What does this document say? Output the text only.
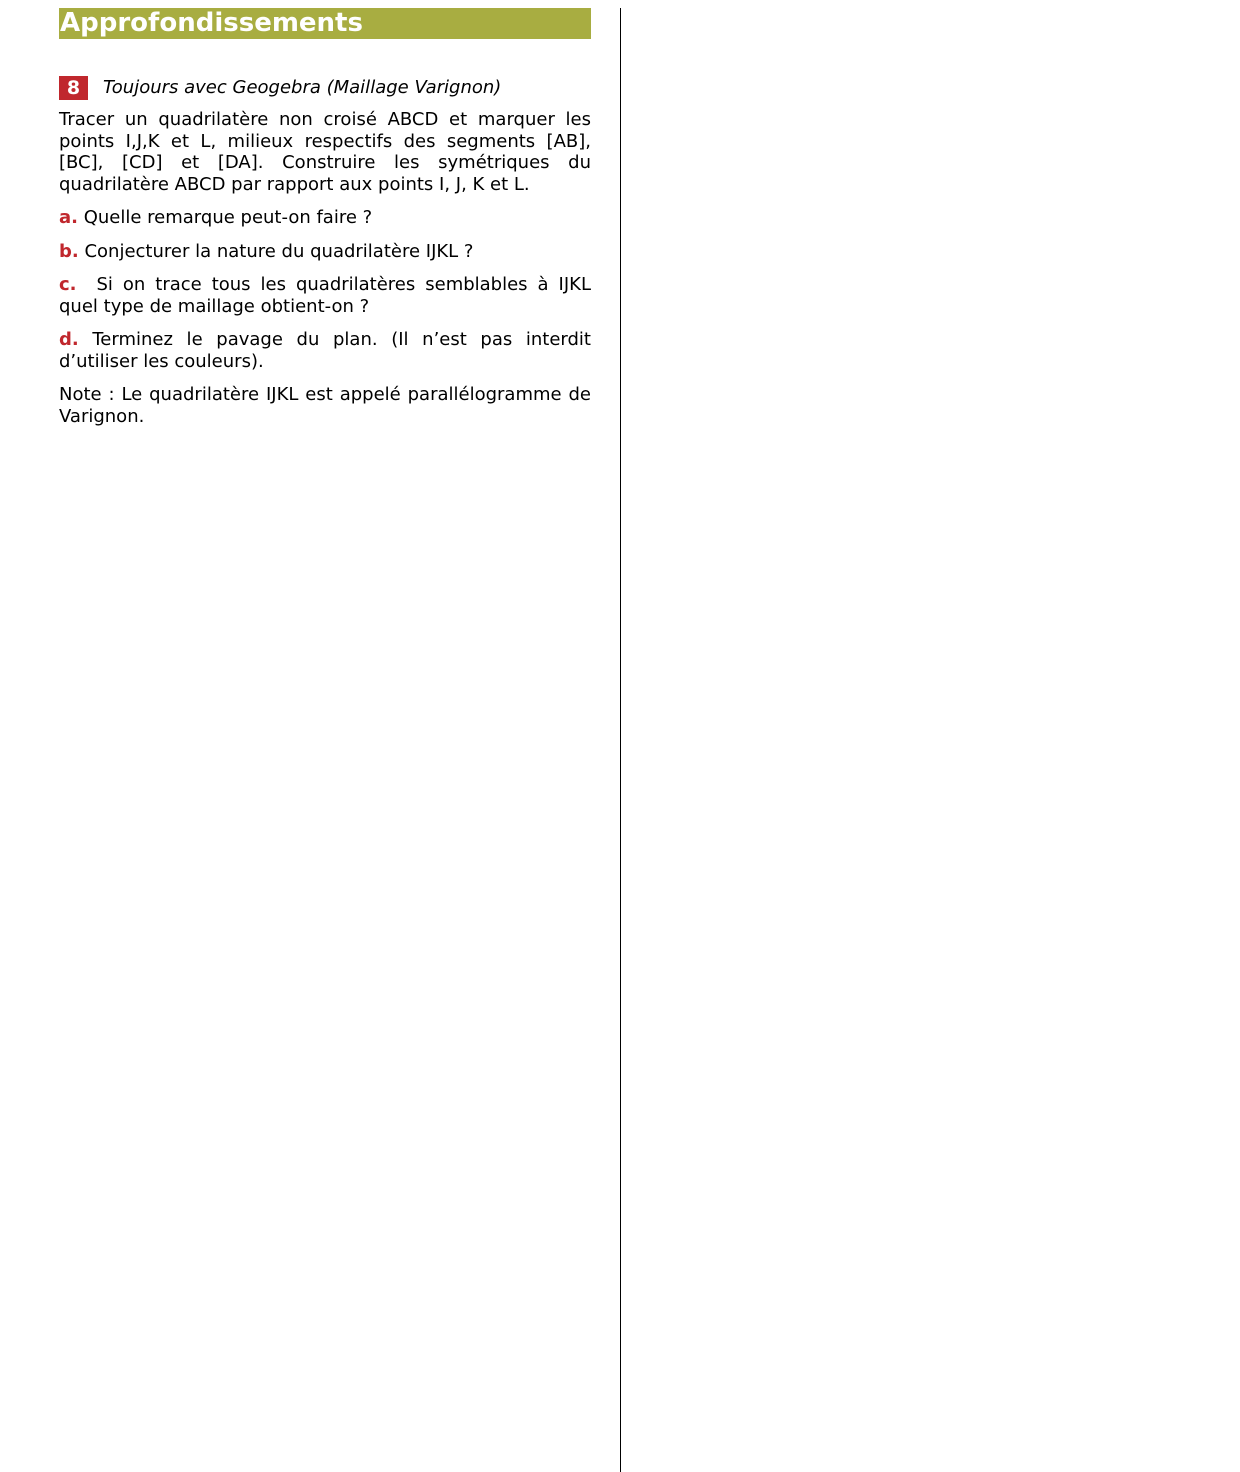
Approfondissements
8	Toujours avec Geogebra (Maillage Varignon)

Tracer un quadrilatère non croisé ABCD et marquer les points I,J,K et L, milieux respectifs des segments [AB], [BC], [CD] et [DA]. Construire les symétriques du quadrilatère ABCD par rapport aux points I, J, K et L.

a. Quelle remarque peut-on faire ?

b. Conjecturer la nature du quadrilatère IJKL ?

c. Si on trace tous les quadrilatères semblables à IJKL quel type de maillage obtient-on ?

d. Terminez le pavage du plan. (Il n’est pas interdit d’utiliser les couleurs).

Note : Le quadrilatère IJKL est appelé parallélogramme de Varignon.
